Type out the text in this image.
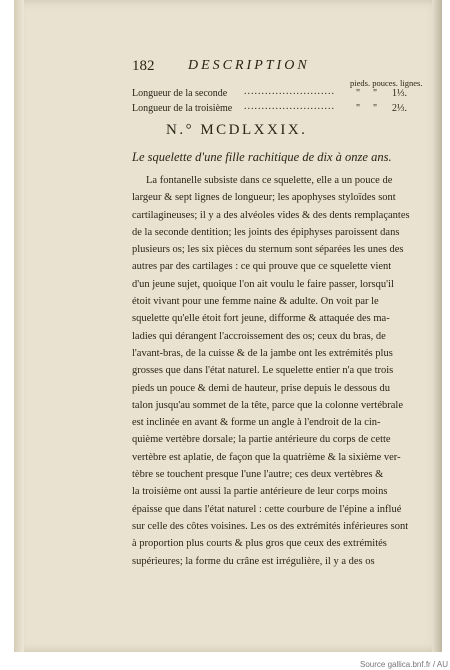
182 DESCRIPTION
pieds. pouces. lignes.
Longueur de la seconde .......................... " " 1⅓.
Longueur de la troisième .......................... " " 2⅓.
N.° MCDLXXIX.
Le squelette d'une fille rachitique de dix à onze ans.
La fontanelle subsiste dans ce squelette, elle a un pouce de
largeur & sept lignes de longueur; les apophyses styloïdes sont
cartilagineuses; il y a des alvéoles vides & des dents remplaçantes
de la seconde dentition; les joints des épiphyses paroissent dans
plusieurs os; les six pièces du sternum sont séparées les unes des
autres par des cartilages : ce qui prouve que ce squelette vient
d'un jeune sujet, quoique l'on ait voulu le faire passer, lorsqu'il
étoit vivant pour une femme naine & adulte. On voit par le
squelette qu'elle étoit fort jeune, difforme & attaquée des ma-
ladies qui dérangent l'accroissement des os; ceux du bras, de
l'avant-bras, de la cuisse & de la jambe ont les extrémités plus
grosses que dans l'état naturel. Le squelette entier n'a que trois
pieds un pouce & demi de hauteur, prise depuis le dessous du
talon jusqu'au sommet de la tête, parce que la colonne vertébrale
est inclinée en avant & forme un angle à l'endroit de la cin-
quième vertèbre dorsale; la partie antérieure du corps de cette
vertèbre est aplatie, de façon que la quatrième & la sixième ver-
tèbre se touchent presque l'une l'autre; ces deux vertèbres &
la troisième ont aussi la partie antérieure de leur corps moins
épaisse que dans l'état naturel : cette courbure de l'épine a influé
sur celle des côtes voisines. Les os des extrémités inférieures sont
à proportion plus courts & plus gros que ceux des extrémités
supérieures; la forme du crâne est irrégulière, il y a des os
Source gallica.bnf.fr / AU
